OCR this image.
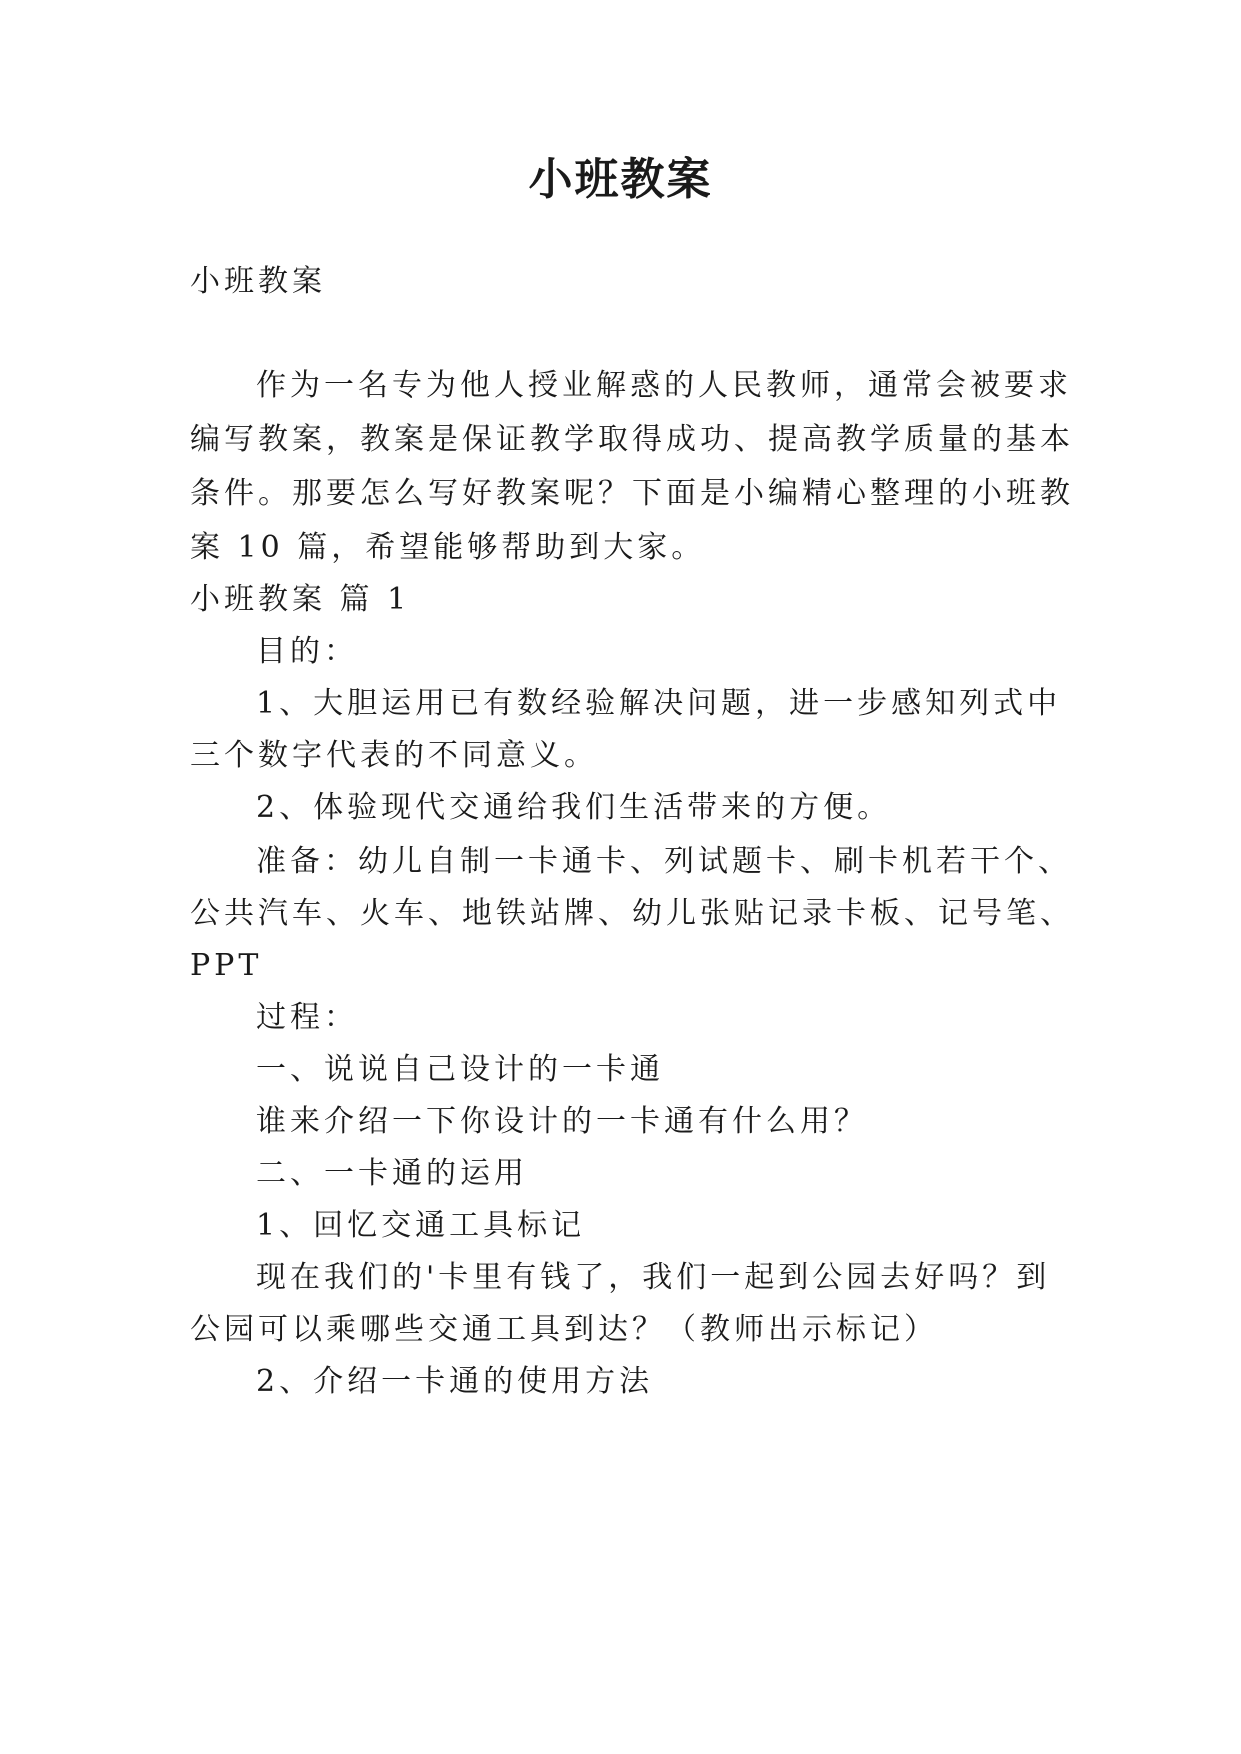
小班教案

小班教案

作为一名专为他人授业解惑的人民教师，通常会被要求

编写教案，教案是保证教学取得成功、提高教学质量的基本

条件。那要怎么写好教案呢？下面是小编精心整理的小班教

案 10 篇，希望能够帮助到大家。

小班教案 篇 1

目的：

1、大胆运用已有数经验解决问题，进一步感知列式中

三个数字代表的不同意义。

2、体验现代交通给我们生活带来的方便。

准备：幼儿自制一卡通卡、列试题卡、刷卡机若干个、

公共汽车、火车、地铁站牌、幼儿张贴记录卡板、记号笔、

PPT

过程：

一、说说自己设计的一卡通

谁来介绍一下你设计的一卡通有什么用？

二、一卡通的运用

1、回忆交通工具标记

现在我们的'卡里有钱了，我们一起到公园去好吗？到

公园可以乘哪些交通工具到达？（教师出示标记）

2、介绍一卡通的使用方法
